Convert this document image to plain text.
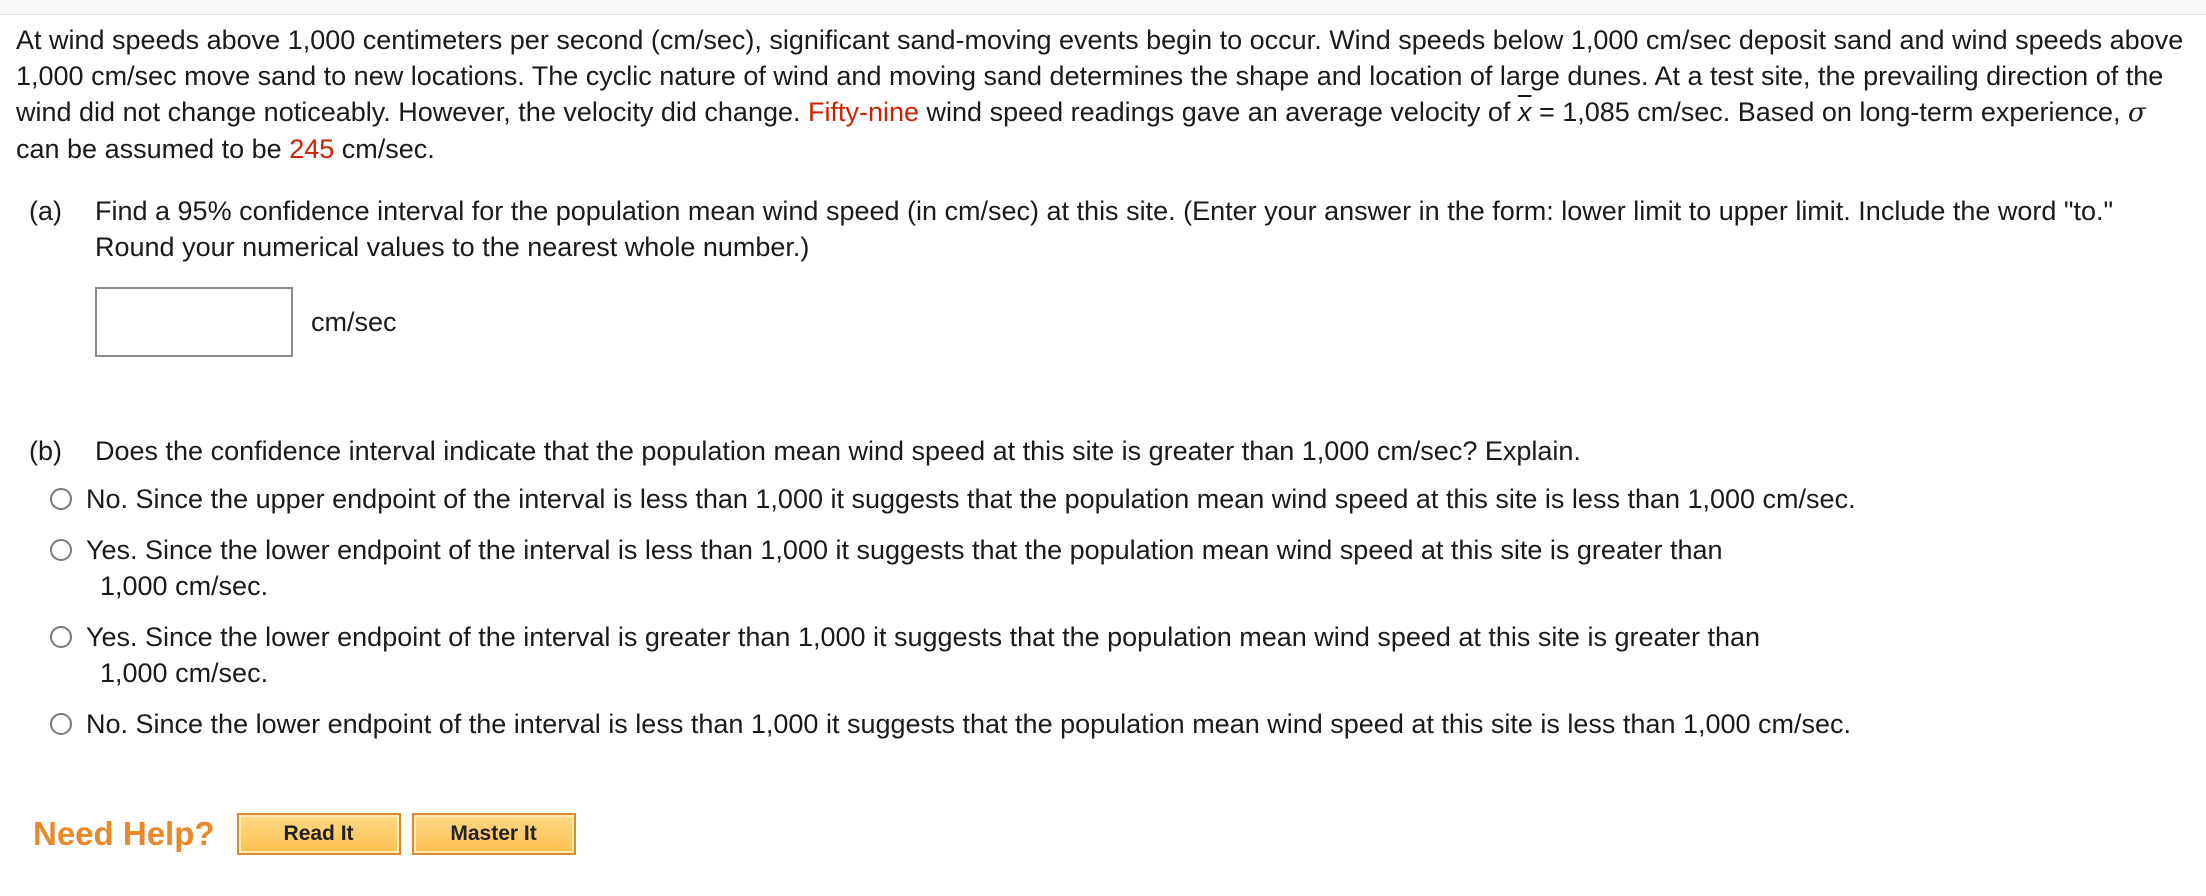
At wind speeds above 1,000 centimeters per second (cm/sec), significant sand-moving events begin to occur. Wind speeds below 1,000 cm/sec deposit sand and wind speeds above 1,000 cm/sec move sand to new locations. The cyclic nature of wind and moving sand determines the shape and location of large dunes. At a test site, the prevailing direction of the wind did not change noticeably. However, the velocity did change. Fifty-nine wind speed readings gave an average velocity of $\overline{x} = 1,085$ cm/sec. Based on long-term experience, σ can be assumed to be 245 cm/sec.

(a)	Find a 95% confidence interval for the population mean wind speed (in cm/sec) at this site. (Enter your answer in the form: lower limit to upper limit. Include the word "to." Round your numerical values to the nearest whole number.)

cm/sec
(b)	Does the confidence interval indicate that the population mean wind speed at this site is greater than 1,000 cm/sec? Explain.

No. Since the upper endpoint of the interval is less than 1,000 it suggests that the population mean wind speed at this site is less than 1,000 cm/sec.
Yes. Since the lower endpoint of the interval is less than 1,000 it suggests that the population mean wind speed at this site is greater than
1,000 cm/sec.
Yes. Since the lower endpoint of the interval is greater than 1,000 it suggests that the population mean wind speed at this site is greater than
1,000 cm/sec.
No. Since the lower endpoint of the interval is less than 1,000 it suggests that the population mean wind speed at this site is less than 1,000 cm/sec.
Need Help?	Read It	Master It
